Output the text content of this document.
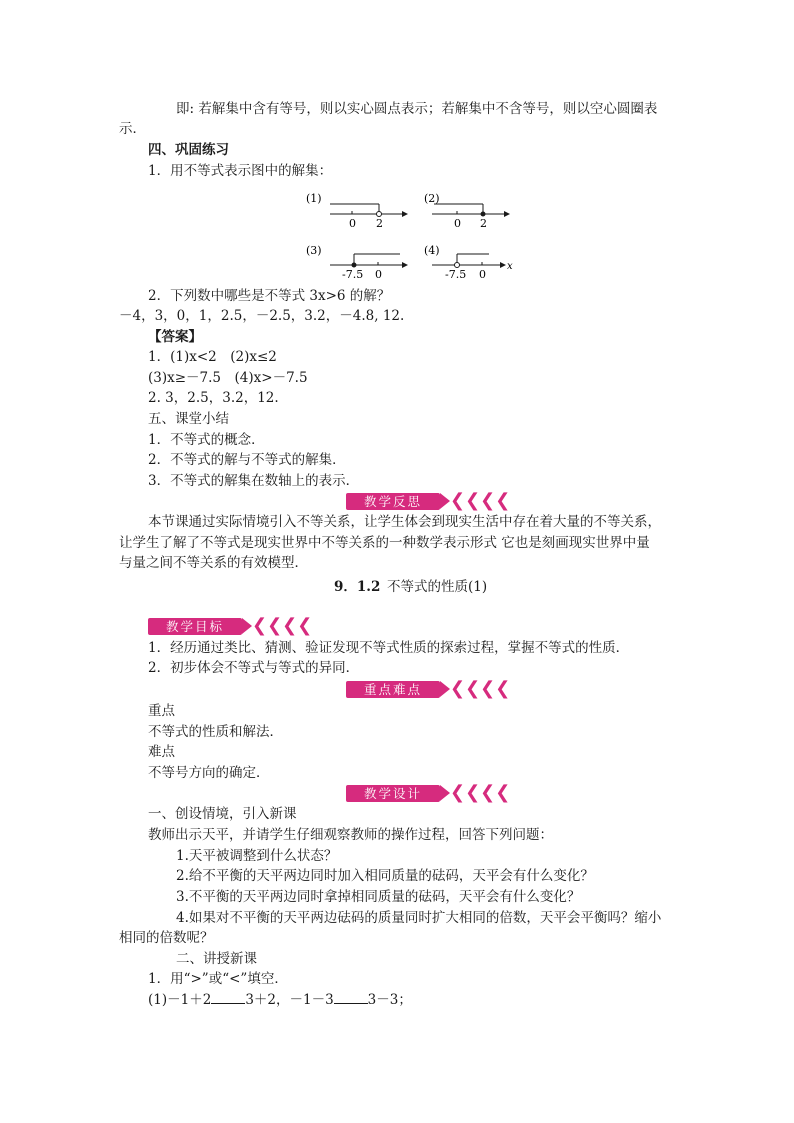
即: 若解集中含有等号，则以实心圆点表示；若解集中不含等号，则以空心圆圈表
示．
四、巩固练习
1．用不等式表示图中的解集：
(1)
0 2
(2)
0 2
(3)
-7.5 0
(4)
-7.5 0
x
2．下列数中哪些是不等式 3x>6 的解？
－4，3，0，1，2.5，－2.5，3.2，－4.8, 12.
【答案】
1．(1)x<2　(2)x≤2
(3)x≥－7.5　(4)x>－7.5
2. 3，2.5，3.2，12.
五、课堂小结
1．不等式的概念．
2．不等式的解与不等式的解集．
3．不等式的解集在数轴上的表示．
教学反思	❮❮❮❮
本节课通过实际情境引入不等关系，让学生体会到现实生活中存在着大量的不等关系，
让学生了解了不等式是现实世界中不等关系的一种数学表示形式 它也是刻画现实世界中量
与量之间不等关系的有效模型．
9．1.2 不等式的性质(1)
教学目标	❮❮❮❮
1．经历通过类比、猜测、验证发现不等式性质的探索过程，掌握不等式的性质．
2．初步体会不等式与等式的异同．
重点难点	❮❮❮❮
重点
不等式的性质和解法．
难点
不等号方向的确定．
教学设计	❮❮❮❮
一、创设情境，引入新课
教师出示天平，并请学生仔细观察教师的操作过程，回答下列问题：
1.天平被调整到什么状态？
2.给不平衡的天平两边同时加入相同质量的砝码，天平会有什么变化？
3.不平衡的天平两边同时拿掉相同质量的砝码，天平会有什么变化？
4.如果对不平衡的天平两边砝码的质量同时扩大相同的倍数，天平会平衡吗？缩小
相同的倍数呢？
二、讲授新课
1．用“>”或“<”填空．
(1)－1＋2	3＋2，－1－3	3－3；
